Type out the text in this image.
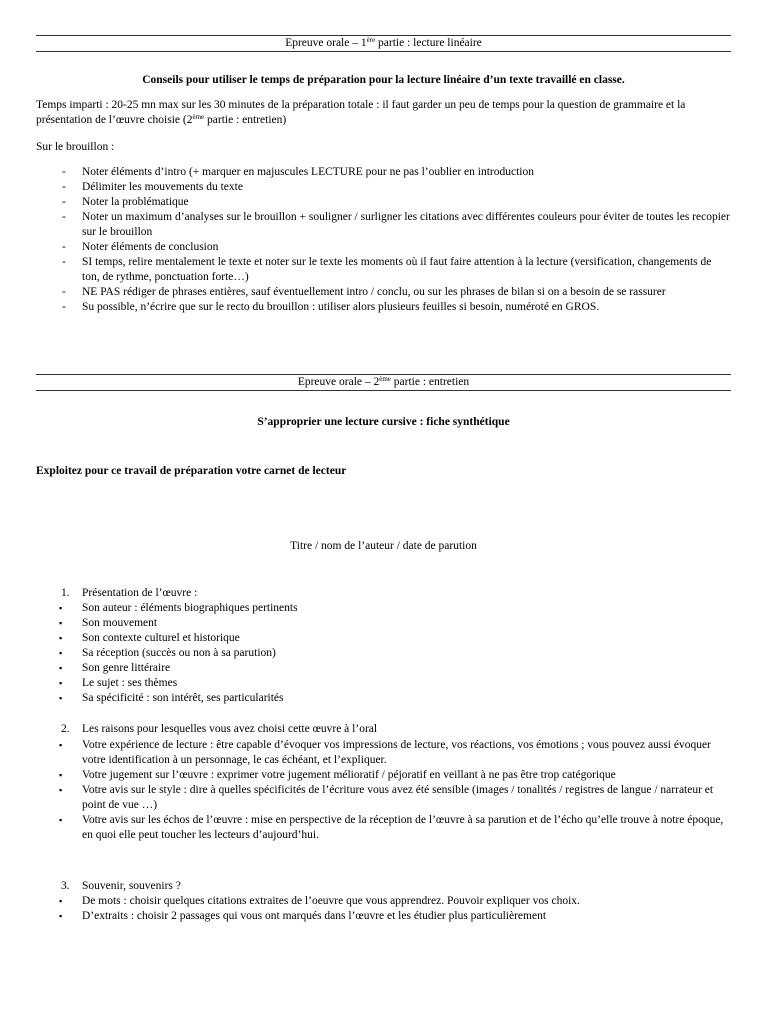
Epreuve orale – 1ère partie : lecture linéaire
Conseils pour utiliser le temps de préparation pour la lecture linéaire d’un texte travaillé en classe.
Temps imparti : 20-25 mn max sur les 30 minutes de la préparation totale : il faut garder un peu de temps pour la question de grammaire et la présentation de l’œuvre choisie (2ème partie : entretien)
Sur le brouillon :
- Noter éléments d’intro (+ marquer en majuscules LECTURE pour ne pas l’oublier en introduction
- Délimiter les mouvements du texte
- Noter la problématique
- Noter un maximum d’analyses sur le brouillon + souligner / surligner les citations avec différentes couleurs pour éviter de toutes les recopier sur le brouillon
- Noter éléments de conclusion
- SI temps, relire mentalement le texte et noter sur le texte les moments où il faut faire attention à la lecture (versification, changements de ton, de rythme, ponctuation forte…)
- NE PAS rédiger de phrases entières, sauf éventuellement intro / conclu, ou sur les phrases de bilan si on a besoin de se rassurer
- Su possible, n’écrire que sur le recto du brouillon : utiliser alors plusieurs feuilles si besoin, numéroté en GROS.
Epreuve orale – 2ème partie : entretien
S’approprier une lecture cursive : fiche synthétique
Exploitez pour ce travail de préparation votre carnet de lecteur
Titre / nom de l’auteur / date de parution
1. Présentation de l’œuvre :
▪ Son auteur : éléments biographiques pertinents
▪ Son mouvement
▪ Son contexte culturel et historique
▪ Sa réception (succès ou non à sa parution)
▪ Son genre littéraire
▪ Le sujet : ses thèmes
▪ Sa spécificité : son intérêt, ses particularités
2. Les raisons pour lesquelles vous avez choisi cette œuvre à l’oral
▪ Votre expérience de lecture : être capable d’évoquer vos impressions de lecture, vos réactions, vos émotions ; vous pouvez aussi évoquer votre identification à un personnage, le cas échéant, et l’expliquer.
▪ Votre jugement sur l’œuvre : exprimer votre jugement mélioratif / péjoratif en veillant à ne pas être trop catégorique
▪ Votre avis sur le style : dire à quelles spécificités de l’écriture vous avez été sensible (images / tonalités / registres de langue / narrateur et point de vue …)
▪ Votre avis sur les échos de l’œuvre : mise en perspective de la réception de l’œuvre à sa parution et de l’écho qu’elle trouve à notre époque, en quoi elle peut toucher les lecteurs d’aujourd’hui.
3. Souvenir, souvenirs ?
▪ De mots : choisir quelques citations extraites de l’oeuvre que vous apprendrez. Pouvoir expliquer vos choix.
▪ D’extraits : choisir 2 passages qui vous ont marqués dans l’œuvre et les étudier plus particulièrement
